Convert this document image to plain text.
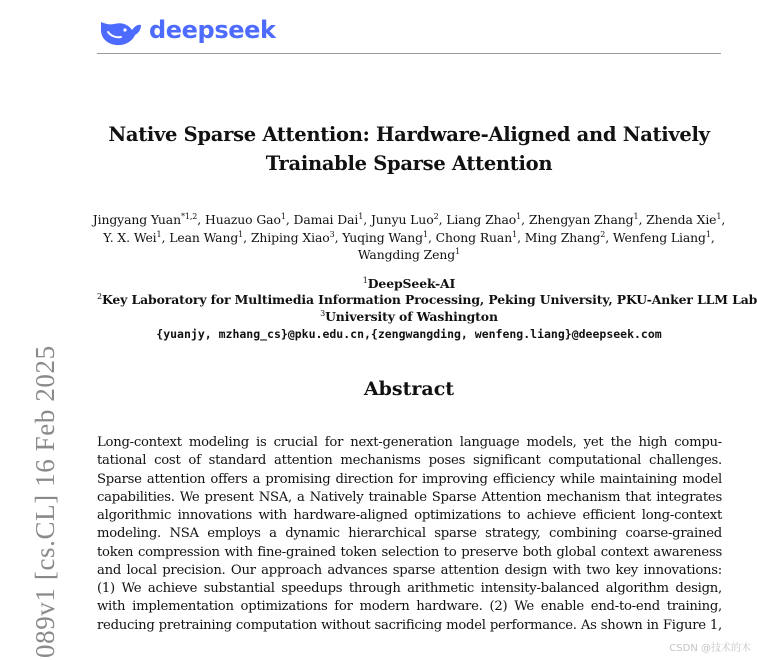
deepseek
089v1 [cs.CL] 16 Feb 2025
Native Sparse Attention: Hardware-Aligned and Natively
Trainable Sparse Attention
Jingyang Yuan$^{*1,2}$, Huazuo Gao$^1$, Damai Dai$^1$, Junyu Luo$^2$, Liang Zhao$^1$, Zhengyan Zhang$^1$, Zhenda Xie$^1$,
Y. X. Wei$^1$, Lean Wang$^1$, Zhiping Xiao$^3$, Yuqing Wang$^1$, Chong Ruan$^1$, Ming Zhang$^2$, Wenfeng Liang$^1$,
Wangding Zeng$^1$
$^1$DeepSeek-AI
$^2$Key Laboratory for Multimedia Information Processing, Peking University, PKU-Anker LLM Lab
$^3$University of Washington
{yuanjy, mzhang_cs}@pku.edu.cn,{zengwangding, wenfeng.liang}@deepseek.com
Abstract

Long-context modeling is crucial for next-generation language models, yet the high compu-
tational cost of standard attention mechanisms poses significant computational challenges.
Sparse attention offers a promising direction for improving efficiency while maintaining model
capabilities. We present NSA, a Natively trainable Sparse Attention mechanism that integrates
algorithmic innovations with hardware-aligned optimizations to achieve efficient long-context
modeling. NSA employs a dynamic hierarchical sparse strategy, combining coarse-grained
token compression with fine-grained token selection to preserve both global context awareness
and local precision. Our approach advances sparse attention design with two key innovations:
(1) We achieve substantial speedups through arithmetic intensity-balanced algorithm design,
with implementation optimizations for modern hardware. (2) We enable end-to-end training,
reducing pretraining computation without sacrificing model performance. As shown in Figure 1,

CSDN @技术的木
